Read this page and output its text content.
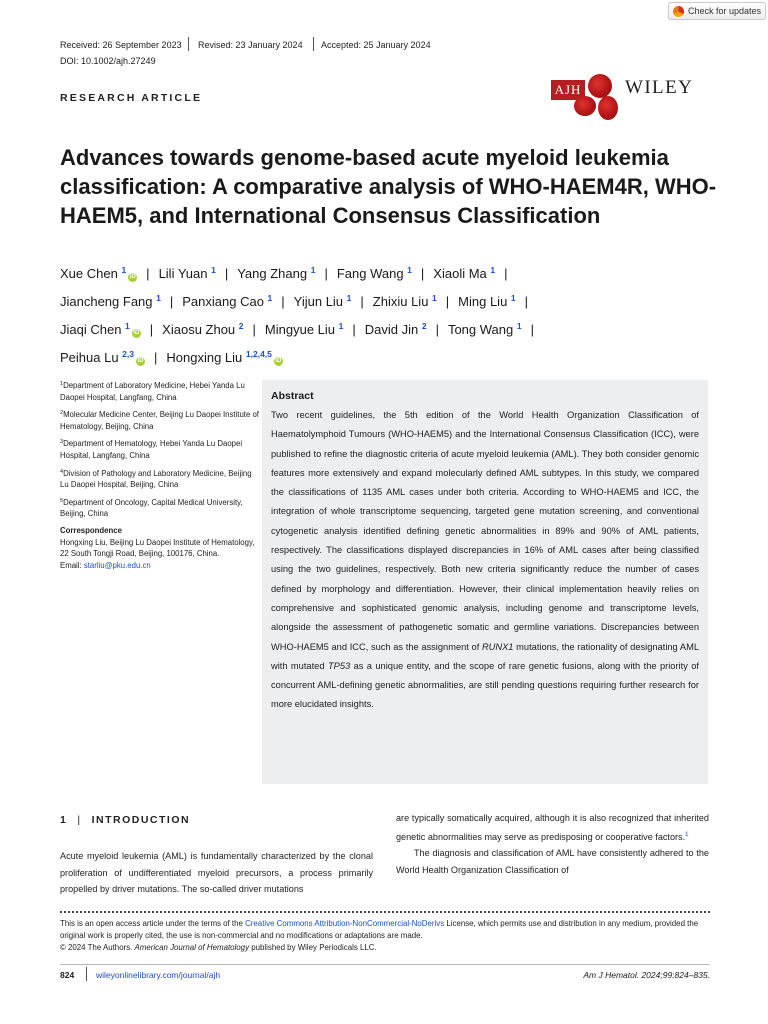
Check for updates
Received: 26 September 2023 Revised: 23 January 2024 Accepted: 25 January 2024
DOI: 10.1002/ajh.27249
RESEARCH ARTICLE
AJH WILEY
Advances towards genome-based acute myeloid leukemia classification: A comparative analysis of WHO-HAEM4R, WHO-HAEM5, and International Consensus Classification
Xue Chen $^1$iD | Lili Yuan $^1$ | Yang Zhang $^1$ | Fang Wang $^1$ | Xiaoli Ma $^1$ |
Jiancheng Fang $^1$ | Panxiang Cao $^1$ | Yijun Liu $^1$ | Zhixiu Liu $^1$ | Ming Liu $^1$ |
Jiaqi Chen $^1$iD | Xiaosu Zhou $^2$ | Mingyue Liu $^1$ | David Jin $^2$ | Tong Wang $^1$ |
Peihua Lu $^{2,3}$iD | Hongxing Liu $^{1,2,4,5}$iD

$^1$Department of Laboratory Medicine, Hebei Yanda Lu Daopei Hospital, Langfang, China

$^2$Molecular Medicine Center, Beijing Lu Daopei Institute of Hematology, Beijing, China

$^3$Department of Hematology, Hebei Yanda Lu Daopei Hospital, Langfang, China

$^4$Division of Pathology and Laboratory Medicine, Beijing Lu Daopei Hospital, Beijing, China

$^5$Department of Oncology, Capital Medical University, Beijing, China

Correspondence
Hongxing Liu, Beijing Lu Daopei Institute of Hematology, 22 South Tongji Road, Beijing, 100176, China.
Email: starliu@pku.edu.cn
Abstract
Two recent guidelines, the 5th edition of the World Health Organization Classification of Haematolymphoid Tumours (WHO-HAEM5) and the International Consensus Classification (ICC), were published to refine the diagnostic criteria of acute myeloid leukemia (AML). They both consider genomic features more extensively and expand molecularly defined AML subtypes. In this study, we compared the classifications of 1135 AML cases under both criteria. According to WHO-HAEM5 and ICC, the integration of whole transcriptome sequencing, targeted gene mutation screening, and conventional cytogenetic analysis identified defining genetic abnormalities in 89% and 90% of AML patients, respectively. The classifications displayed discrepancies in 16% of AML cases after being classified using the two guidelines, respectively. Both new criteria significantly reduce the number of cases defined by morphology and differentiation. However, their clinical implementation heavily relies on comprehensive and sophisticated genomic analysis, including genome and transcriptome levels, alongside the assessment of pathogenetic somatic and germline variations. Discrepancies between WHO-HAEM5 and ICC, such as the assignment of RUNX1 mutations, the rationality of designating AML with mutated TP53 as a unique entity, and the scope of rare genetic fusions, along with the priority of concurrent AML-defining genetic abnormalities, are still pending questions requiring further research for more elucidated insights.
1 | INTRODUCTION
Acute myeloid leukemia (AML) is fundamentally characterized by the clonal proliferation of undifferentiated myeloid precursors, a process primarily propelled by driver mutations. The so-called driver mutations

are typically somatically acquired, although it is also recognized that inherited genetic abnormalities may serve as predisposing or cooperative factors.$^1$

The diagnosis and classification of AML have consistently adhered to the World Health Organization Classification of

This is an open access article under the terms of the Creative Commons Attribution-NonCommercial-NoDerivs License, which permits use and distribution in any medium, provided the original work is properly cited, the use is non-commercial and no modifications or adaptations are made.
© 2024 The Authors. American Journal of Hematology published by Wiley Periodicals LLC.
824	wileyonlinelibrary.com/journal/ajh	Am J Hematol. 2024;99:824–835.
